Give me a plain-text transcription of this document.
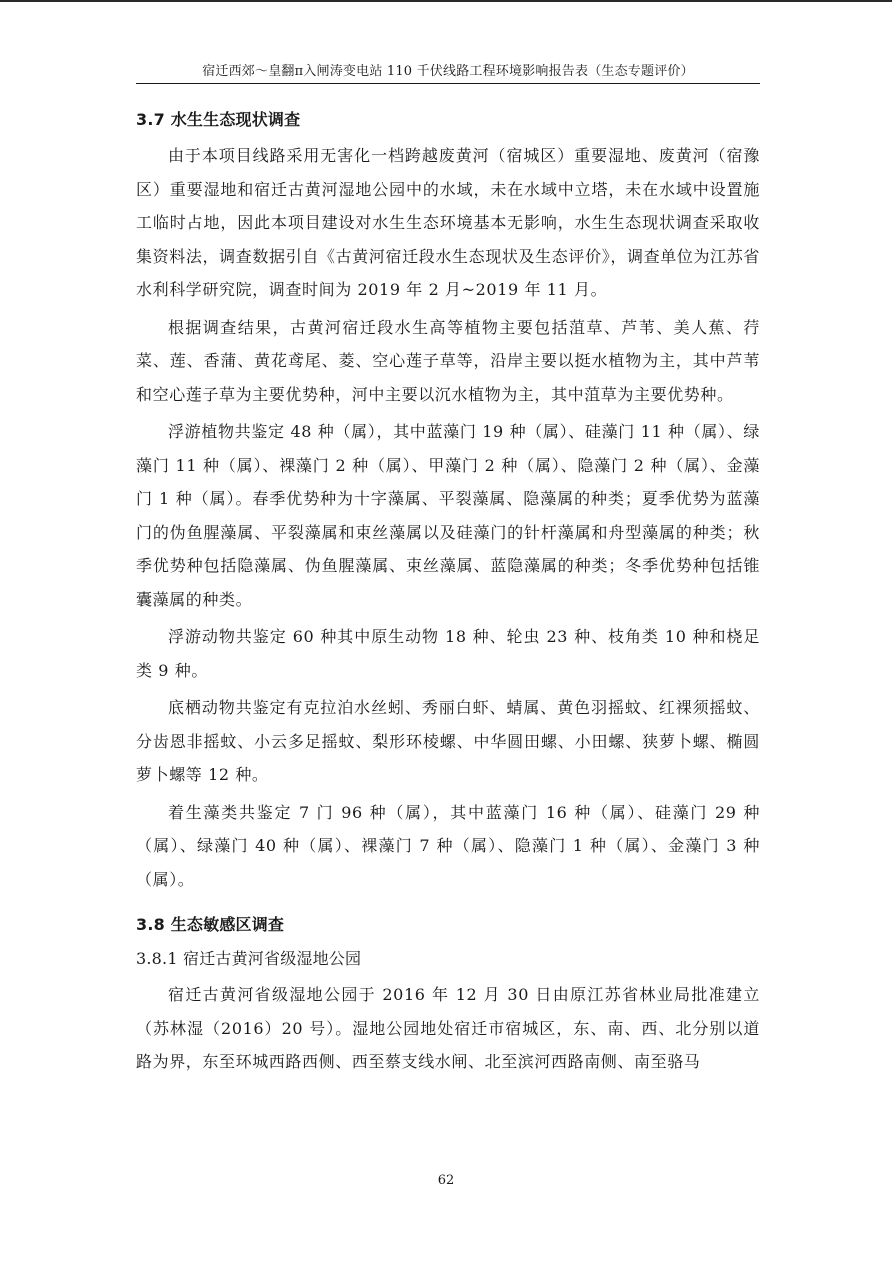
宿迁西郊～皇翻π入闸涛变电站 110 千伏线路工程环境影响报告表（生态专题评价）
3.7 水生生态现状调查

由于本项目线路采用无害化一档跨越废黄河（宿城区）重要湿地、废黄河（宿豫区）重要湿地和宿迁古黄河湿地公园中的水域，未在水域中立塔，未在水域中设置施工临时占地，因此本项目建设对水生生态环境基本无影响，水生生态现状调查采取收集资料法，调查数据引自《古黄河宿迁段水生态现状及生态评价》，调查单位为江苏省水利科学研究院，调查时间为 2019 年 2 月~2019 年 11 月。

根据调查结果，古黄河宿迁段水生高等植物主要包括菹草、芦苇、美人蕉、荇菜、莲、香蒲、黄花鸢尾、菱、空心莲子草等，沿岸主要以挺水植物为主，其中芦苇和空心莲子草为主要优势种，河中主要以沉水植物为主，其中菹草为主要优势种。

浮游植物共鉴定 48 种（属），其中蓝藻门 19 种（属）、硅藻门 11 种（属）、绿藻门 11 种（属）、裸藻门 2 种（属）、甲藻门 2 种（属）、隐藻门 2 种（属）、金藻门 1 种（属）。春季优势种为十字藻属、平裂藻属、隐藻属的种类；夏季优势为蓝藻门的伪鱼腥藻属、平裂藻属和束丝藻属以及硅藻门的针杆藻属和舟型藻属的种类；秋季优势种包括隐藻属、伪鱼腥藻属、束丝藻属、蓝隐藻属的种类；冬季优势种包括锥囊藻属的种类。

浮游动物共鉴定 60 种其中原生动物 18 种、轮虫 23 种、枝角类 10 种和桡足类 9 种。

底栖动物共鉴定有克拉泊水丝蚓、秀丽白虾、蜻属、黄色羽摇蚊、红裸须摇蚊、分齿恩非摇蚊、小云多足摇蚊、梨形环棱螺、中华圆田螺、小田螺、狭萝卜螺、椭圆萝卜螺等 12 种。

着生藻类共鉴定 7 门 96 种（属），其中蓝藻门 16 种（属）、硅藻门 29 种（属）、绿藻门 40 种（属）、裸藻门 7 种（属）、隐藻门 1 种（属）、金藻门 3 种（属）。

3.8 生态敏感区调查
3.8.1 宿迁古黄河省级湿地公园

宿迁古黄河省级湿地公园于 2016 年 12 月 30 日由原江苏省林业局批准建立（苏林湿（2016）20 号）。湿地公园地处宿迁市宿城区，东、南、西、北分别以道路为界，东至环城西路西侧、西至蔡支线水闸、北至滨河西路南侧、南至骆马

62
